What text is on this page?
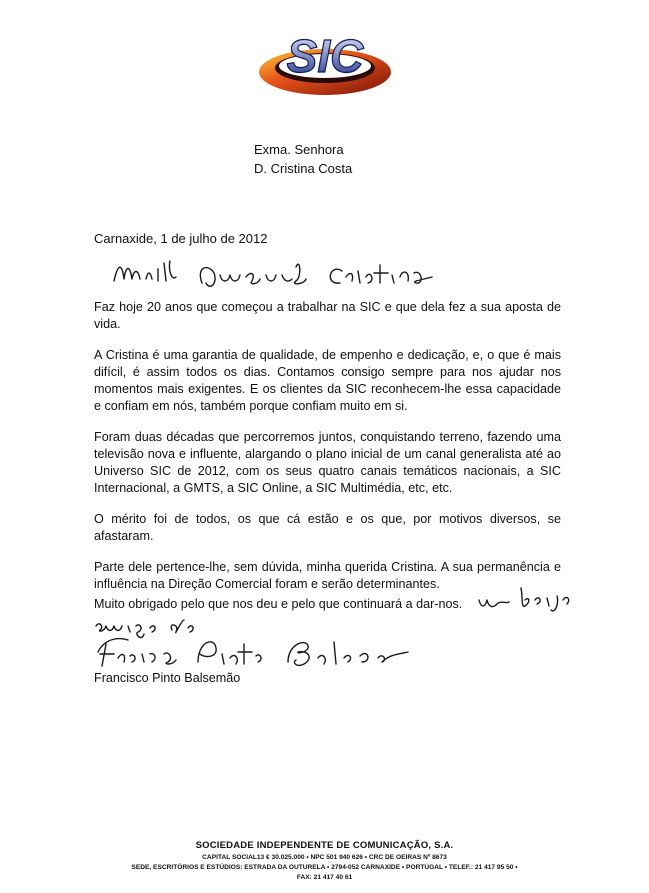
SIC
Exma. Senhora
D. Cristina Costa
Carnaxide, 1 de julho de 2012

Faz hoje 20 anos que começou a trabalhar na SIC e que dela fez a sua aposta de vida.

A Cristina é uma garantia de qualidade, de empenho e dedicação, e, o que é mais difícil, é assim todos os dias. Contamos consigo sempre para nos ajudar nos momentos mais exigentes. E os clientes da SIC reconhecem-lhe essa capacidade e confiam em nós, também porque confiam muito em si.

Foram duas décadas que percorremos juntos, conquistando terreno, fazendo uma televisão nova e influente, alargando o plano inicial de um canal generalista até ao Universo SIC de 2012, com os seus quatro canais temáticos nacionais, a SIC Internacional, a GMTS, a SIC Online, a SIC Multimédia, etc, etc.

O mérito foi de todos, os que cá estão e os que, por motivos diversos, se afastaram.

Parte dele pertence-lhe, sem dúvida, minha querida Cristina. A sua permanência e influência na Direção Comercial foram e serão determinantes.

Muito obrigado pelo que nos deu e pelo que continuará a dar-nos.
Francisco Pinto Balsemão
SOCIEDADE INDEPENDENTE DE COMUNICAÇÃO, S.A.
CAPITAL SOCIAL13 € 30.025.000 • NPC 501 940 626 • CRC DE OEIRAS Nº 8673
SEDE, ESCRITÓRIOS E ESTÚDIOS: ESTRADA DA OUTURELA • 2794-052 CARNAXIDE • PORTUGAL • TELEF.: 21 417 95 50 •
FAX: 21 417 40 61
